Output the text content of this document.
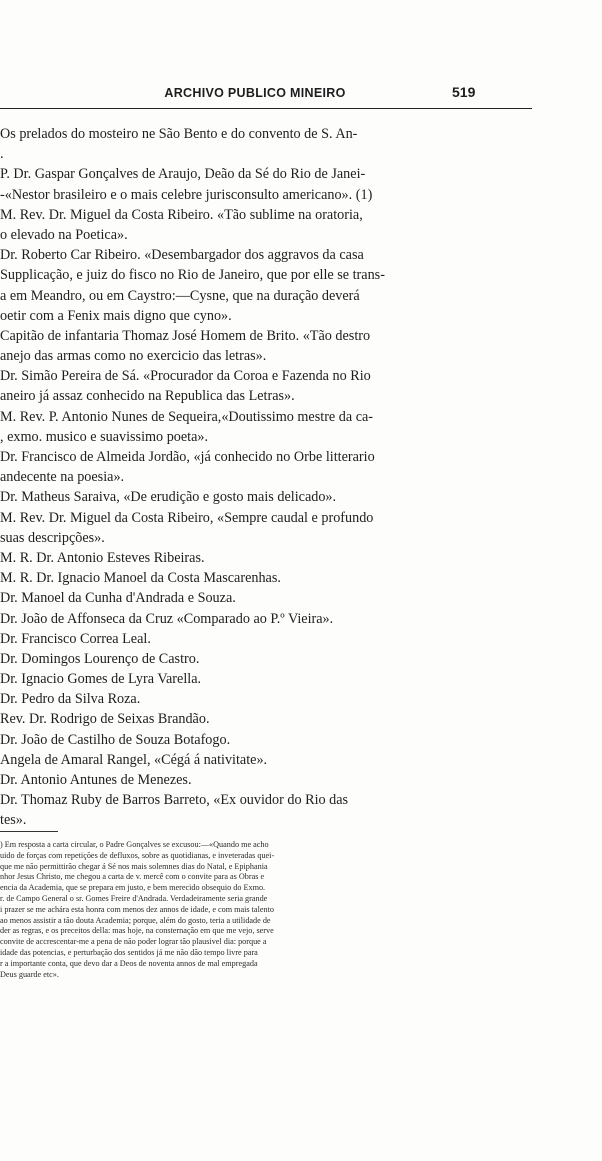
ARCHIVO PUBLICO MINEIRO	519
Os prelados do mosteiro ne São Bento e do convento de S. An-
.
P. Dr. Gaspar Gonçalves de Araujo, Deão da Sé do Rio de Janei-
-«Nestor brasileiro e o mais celebre jurisconsulto americano». (1)
M. Rev. Dr. Miguel da Costa Ribeiro. «Tão sublime na oratoria,
o elevado na Poetica».
Dr. Roberto Car Ribeiro. «Desembargador dos aggravos da casa
Supplicação, e juiz do fisco no Rio de Janeiro, que por elle se trans-
a em Meandro, ou em Caystro:—Cysne, que na duração deverá
oetir com a Fenix mais digno que cyno».
Capitão de infantaria Thomaz José Homem de Brito. «Tão destro
anejo das armas como no exercicio das letras».
Dr. Simão Pereira de Sá. «Procurador da Coroa e Fazenda no Rio
aneiro já assaz conhecido na Republica das Letras».
M. Rev. P. Antonio Nunes de Sequeira,«Doutissimo mestre da ca-
, exmo. musico e suavissimo poeta».
Dr. Francisco de Almeida Jordão, «já conhecido no Orbe litterario
andecente na poesia».
Dr. Matheus Saraiva, «De erudição e gosto mais delicado».
M. Rev. Dr. Miguel da Costa Ribeiro, «Sempre caudal e profundo
suas descripções».
M. R. Dr. Antonio Esteves Ribeiras.
M. R. Dr. Ignacio Manoel da Costa Mascarenhas.
Dr. Manoel da Cunha d'Andrada e Souza.
Dr. João de Affonseca da Cruz «Comparado ao P.º Vieira».
Dr. Francisco Correa Leal.
Dr. Domingos Lourenço de Castro.
Dr. Ignacio Gomes de Lyra Varella.
Dr. Pedro da Silva Roza.
Rev. Dr. Rodrigo de Seixas Brandão.
Dr. João de Castilho de Souza Botafogo.
Angela de Amaral Rangel, «Cégá á nativitate».
Dr. Antonio Antunes de Menezes.
Dr. Thomaz Ruby de Barros Barreto, «Ex ouvidor do Rio das
tes».
) Em resposta a carta circular, o Padre Gonçalves se excusou:—«Quando me acho
uido de forças com repetições de defluxos, sobre as quotidianas, e inveteradas quei-
que me não permittirão chegar á Sé nos mais solemnes dias do Natal, e Epiphania
nhor Jesus Christo, me chegou a carta de v. mercê com o convite para as Obras e
encia da Academia, que se prepara em justo, e bem merecido obsequio do Exmo.
r. de Campo General o sr. Gomes Freire d'Andrada. Verdadeiramente seria grande
i prazer se me achára esta honra com menos dez annos de idade, e com mais talento
ao menos assistir a tão douta Academia; porque, além do gosto, teria a utilidade de
der as regras, e os preceitos della: mas hoje, na consternação em que me vejo, serve
convite de accrescentar-me a pena de não poder lograr tão plausivel dia: porque a
idade das potencias, e perturbação dos sentidos já me não dão tempo livre para
r a importante conta, que devo dar a Deos de noventa annos de mal empregada
Deus guarde etc».
